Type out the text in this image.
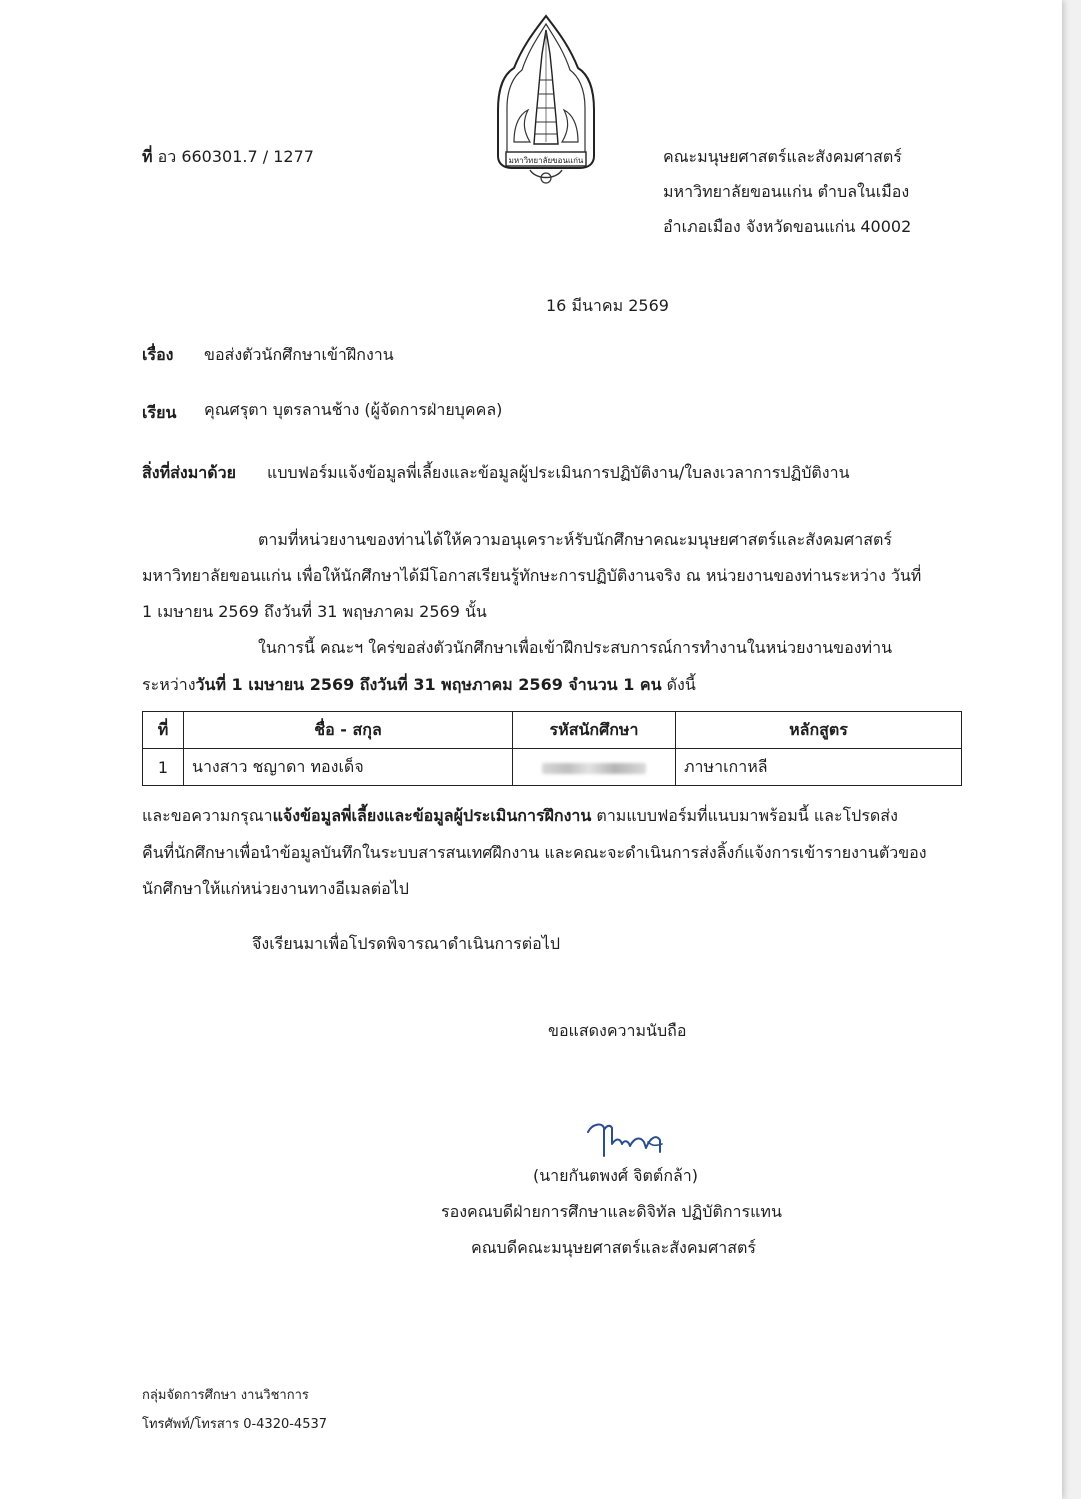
มหาวิทยาลัยขอนแก่น
ที่ อว 660301.7 / 1277	คณะมนุษยศาสตร์และสังคมศาสตร์
มหาวิทยาลัยขอนแก่น ตำบลในเมือง
อำเภอเมือง จังหวัดขอนแก่น 40002
16 มีนาคม 2569
เรื่อง ขอส่งตัวนักศึกษาเข้าฝึกงาน
เรียน คุณศรุตา บุตรลานช้าง (ผู้จัดการฝ่ายบุคคล)
สิ่งที่ส่งมาด้วย แบบฟอร์มแจ้งข้อมูลพี่เลี้ยงและข้อมูลผู้ประเมินการปฏิบัติงาน/ใบลงเวลาการปฏิบัติงาน
ตามที่หน่วยงานของท่านได้ให้ความอนุเคราะห์รับนักศึกษาคณะมนุษยศาสตร์และสังคมศาสตร์
มหาวิทยาลัยขอนแก่น เพื่อให้นักศึกษาได้มีโอกาสเรียนรู้ทักษะการปฏิบัติงานจริง ณ หน่วยงานของท่านระหว่าง วันที่
1 เมษายน 2569 ถึงวันที่ 31 พฤษภาคม 2569 นั้น
ในการนี้ คณะฯ ใคร่ขอส่งตัวนักศึกษาเพื่อเข้าฝึกประสบการณ์การทำงานในหน่วยงานของท่าน
ระหว่างวันที่ 1 เมษายน 2569 ถึงวันที่ 31 พฤษภาคม 2569 จำนวน 1 คน ดังนี้
ที่	ชื่อ - สกุล	รหัสนักศึกษา	หลักสูตร
1	นางสาว ชญาดา ทองเด็จ		ภาษาเกาหลี
และขอความกรุณาแจ้งข้อมูลพี่เลี้ยงและข้อมูลผู้ประเมินการฝึกงาน ตามแบบฟอร์มที่แนบมาพร้อมนี้ และโปรดส่ง
คืนที่นักศึกษาเพื่อนำข้อมูลบันทึกในระบบสารสนเทศฝึกงาน และคณะจะดำเนินการส่งลิ้งก์แจ้งการเข้ารายงานตัวของ
นักศึกษาให้แก่หน่วยงานทางอีเมลต่อไป
จึงเรียนมาเพื่อโปรดพิจารณาดำเนินการต่อไป
ขอแสดงความนับถือ
(นายกันตพงศ์ จิตต์กล้า)
รองคณบดีฝ่ายการศึกษาและดิจิทัล ปฏิบัติการแทน
คณบดีคณะมนุษยศาสตร์และสังคมศาสตร์
กลุ่มจัดการศึกษา งานวิชาการ
โทรศัพท์/โทรสาร 0-4320-4537
